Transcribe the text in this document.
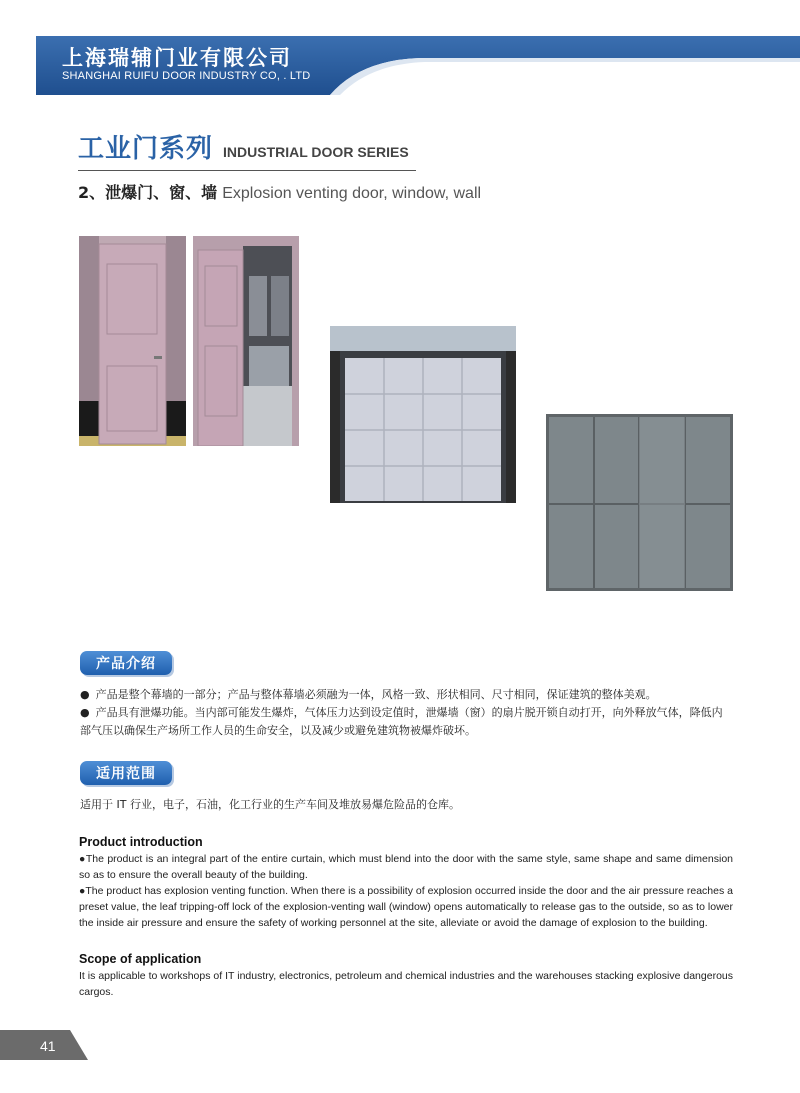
上海瑞辅门业有限公司
SHANGHAI RUIFU DOOR INDUSTRY CO, . LTD
工业门系列 INDUSTRIAL DOOR SERIES
2、泄爆门、窗、墙 Explosion venting door, window, wall
产品介绍
● 产品是整个幕墙的一部分；产品与整体幕墙必须融为一体，风格一致、形状相同、尺寸相同，保证建筑的整体美观。
● 产品具有泄爆功能。当内部可能发生爆炸，气体压力达到设定值时，泄爆墙（窗）的扇片脱开锁自动打开，向外释放气体，降低内部气压以确保生产场所工作人员的生命安全，以及减少或避免建筑物被爆炸破坏。
适用范围
适用于 IT 行业，电子，石油，化工行业的生产车间及堆放易爆危险品的仓库。
Product introduction
●The product is an integral part of the entire curtain, which must blend into the door with the same style, same shape and same dimension so as to ensure the overall beauty of the building.
●The product has explosion venting function. When there is a possibility of explosion occurred inside the door and the air pressure reaches a preset value, the leaf tripping-off lock of the explosion-venting wall (window) opens automatically to release gas to the outside, so as to lower the inside air pressure and ensure the safety of working personnel at the site, alleviate or avoid the damage of explosion to the building.
Scope of application
It is applicable to workshops of IT industry, electronics, petroleum and chemical industries and the warehouses stacking explosive dangerous cargos.
41
